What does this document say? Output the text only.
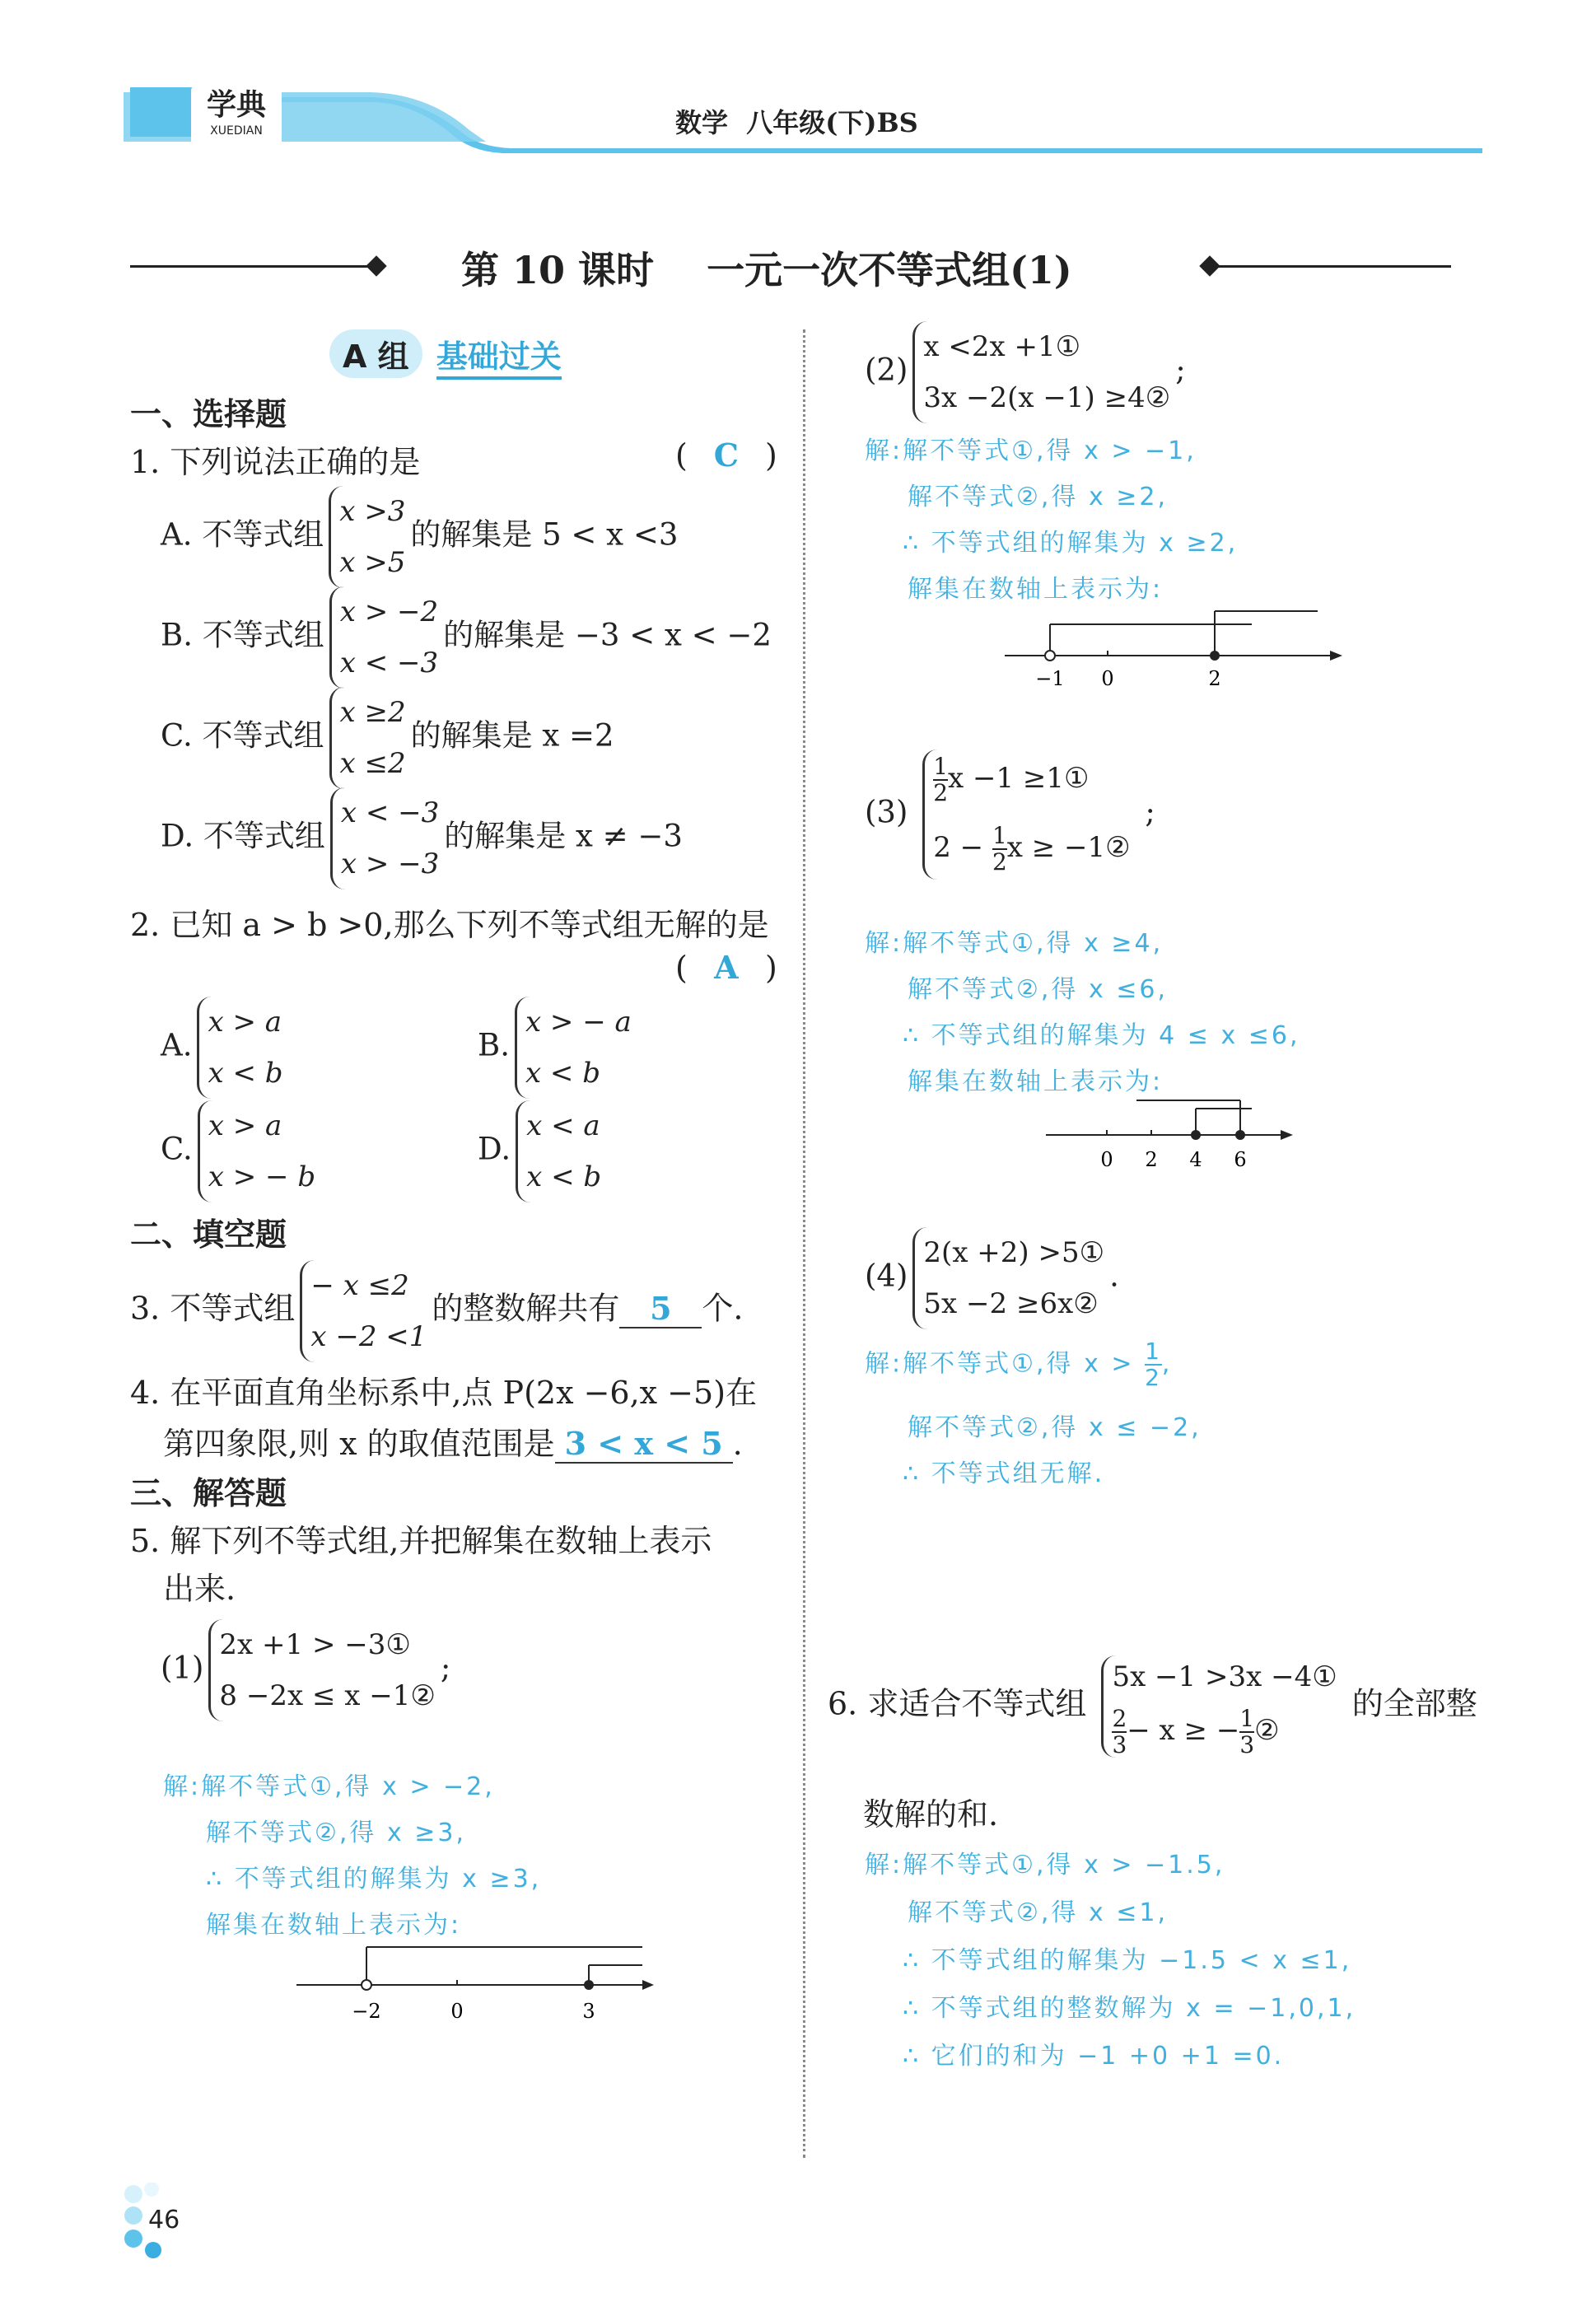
学典
XUEDIAN	数学  八年级(下)BS
第 10 课时    一元一次不等式组(1)
A 组 基础过关
一、选择题
1. 下列说法正确的是	( C )
A. 不等式组
x >3
x >5
的解集是 5 < x <3
B. 不等式组
x > −2
x < −3
的解集是 −3 < x < −2
C. 不等式组
x ≥2
x ≤2
的解集是 x =2
D. 不等式组
x < −3
x > −3
的解集是 x ≠ −3
2. 已知 a > b >0,那么下列不等式组无解的是
( A )
A.
x > a
x < b
B.
x > − a
x < b
C.
x > a
x > − b
D.
x < a
x < b
二、填空题
3. 不等式组
− x ≤2
x −2 <1
的整数解共有 5 个.
4. 在平面直角坐标系中,点 P(2x −6,x −5)在
第四象限,则 x 的取值范围是 3 < x < 5 .
三、解答题
5. 解下列不等式组,并把解集在数轴上表示
出来.
(1)
2x +1 > −3①
8 −2x ≤ x −1②
;
解:解不等式①,得 x > −2,
解不等式②,得 x ≥3,
∴ 不等式组的解集为 x ≥3,
解集在数轴上表示为:
−2	0	3
(2)
x <2x +1①
3x −2(x −1) ≥4②
;
解:解不等式①,得 x > −1,
解不等式②,得 x ≥2,
∴ 不等式组的解集为 x ≥2,
解集在数轴上表示为:
−1 0	2
(3)
$\frac{1}{2}$ x −1 ≥1①
$2 - \frac{1}{2}$ x ≥ −1②
;
解:解不等式①,得 x ≥4,
解不等式②,得 x ≤6,
∴ 不等式组的解集为 4 ≤ x ≤6,
解集在数轴上表示为:
0 2 4 6
(4)
2(x +2) >5①
5x −2 ≥6x②
.
解:解不等式①,得 $x > \frac{1}{2}$ ,
解不等式②,得 x ≤ −2,
∴ 不等式组无解.
6. 求适合不等式组
5x −1 >3x −4①
$\frac{2}{3} - x$ ≥ − $\frac{1}{3}$ ②
的全部整
数解的和.
解:解不等式①,得 x > −1.5,
解不等式②,得 x ≤1,
∴ 不等式组的解集为 −1.5 < x ≤1,
∴ 不等式组的整数解为 x = −1,0,1,
∴ 它们的和为 −1 +0 +1 =0.
46
